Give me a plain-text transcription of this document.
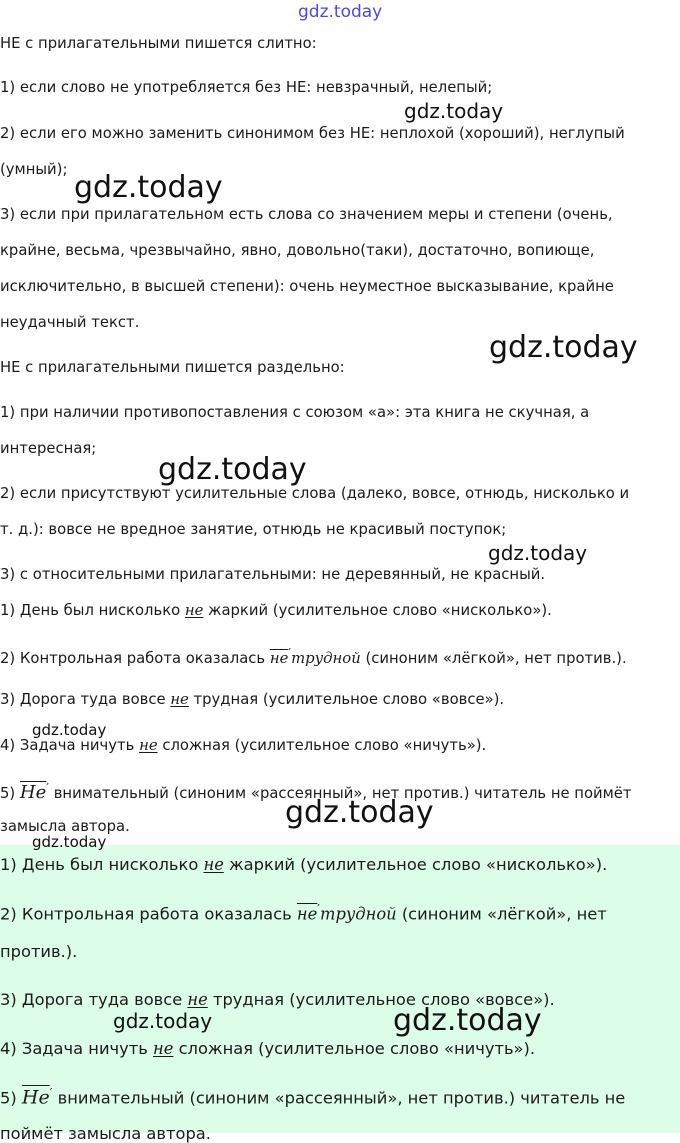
gdz.today
НЕ с прилагательными пишется слитно:
1) если слово не употребляется без НЕ: невзрачный, нелепый;
2) если его можно заменить синонимом без НЕ: неплохой (хороший), неглупый
(умный);
3) если при прилагательном есть слова со значением меры и степени (очень,
крайне, весьма, чрезвычайно, явно, довольно(таки), достаточно, вопиюще,
исключительно, в высшей степени): очень неуместное высказывание, крайне
неудачный текст.
НЕ с прилагательными пишется раздельно:
1) при наличии противопоставления с союзом «а»: эта книга не скучная, а
интересная;
2) если присутствуют усилительные слова (далеко, вовсе, отнюдь, нисколько и
т. д.): вовсе не вредное занятие, отнюдь не красивый поступок;
3) с относительными прилагательными: не деревянный, не красный.
1) День был нисколько не жаркий (усилительное слово «нисколько»).
2) Контрольная работа оказалась не′трудной (синоним «лёгкой», нет против.).
3) Дорога туда вовсе не трудная (усилительное слово «вовсе»).
4) Задача ничуть не сложная (усилительное слово «ничуть»).
5) Не′ внимательный (синоним «рассеянный», нет против.) читатель не поймёт
замысла автора.
1) День был нисколько не жаркий (усилительное слово «нисколько»).
2) Контрольная работа оказалась не′трудной (синоним «лёгкой», нет
против.).
3) Дорога туда вовсе не трудная (усилительное слово «вовсе»).
4) Задача ничуть не сложная (усилительное слово «ничуть»).
5) Не′ внимательный (синоним «рассеянный», нет против.) читатель не
поймёт замысла автора.
gdz.today
gdz.today
gdz.today
gdz.today
gdz.today
gdz.today
gdz.today
gdz.today
gdz.today	gdz.today
